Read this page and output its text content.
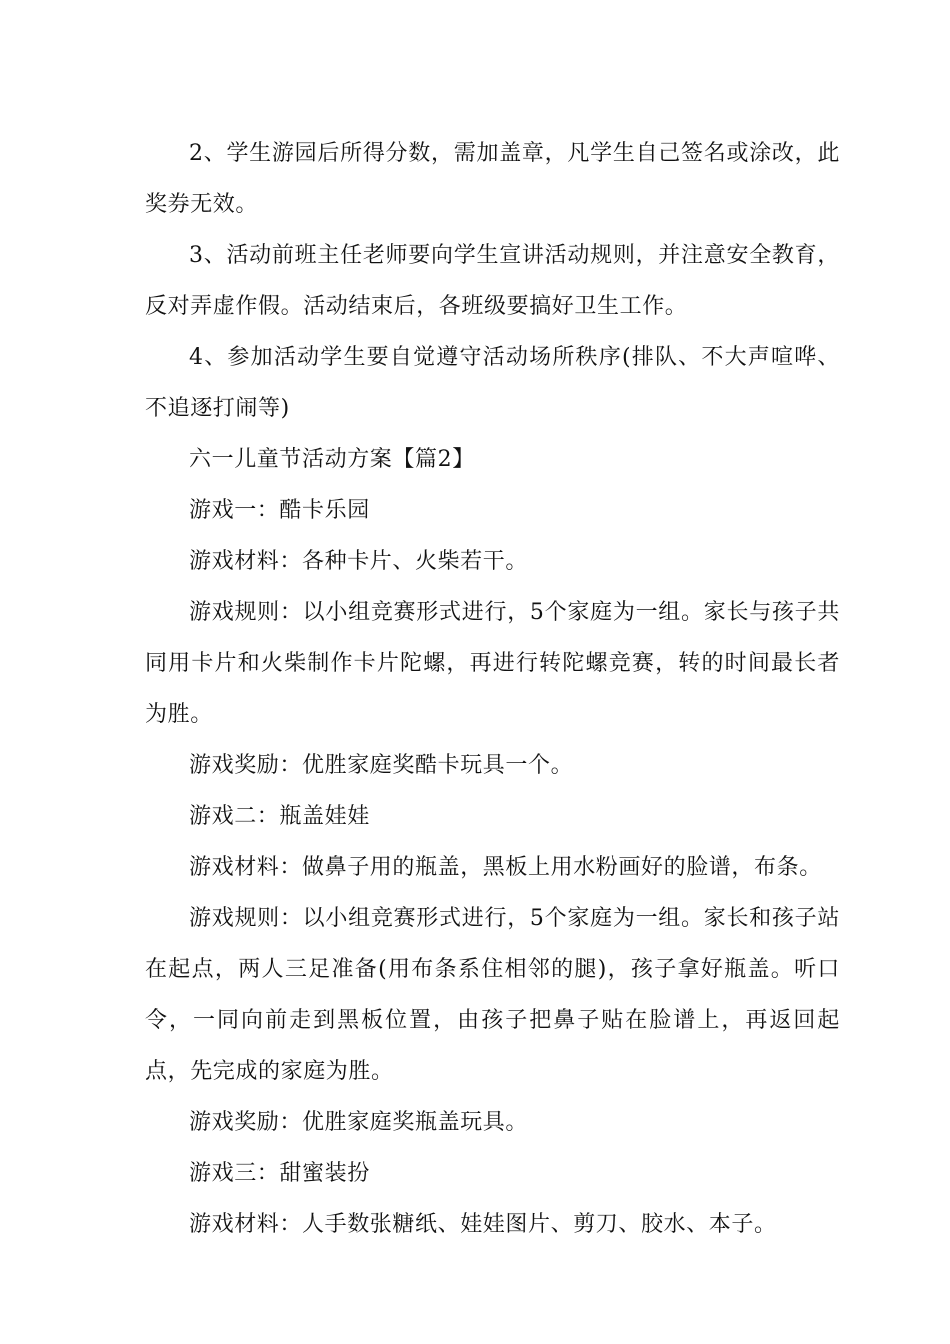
2、学生游园后所得分数，需加盖章，凡学生自己签名或涂改，此奖券无效。

3、活动前班主任老师要向学生宣讲活动规则，并注意安全教育，反对弄虚作假。活动结束后，各班级要搞好卫生工作。

4、参加活动学生要自觉遵守活动场所秩序(排队、不大声喧哗、不追逐打闹等)

六一儿童节活动方案【篇2】

游戏一：酷卡乐园

游戏材料：各种卡片、火柴若干。

游戏规则：以小组竞赛形式进行，5个家庭为一组。家长与孩子共同用卡片和火柴制作卡片陀螺，再进行转陀螺竞赛，转的时间最长者为胜。

游戏奖励：优胜家庭奖酷卡玩具一个。

游戏二：瓶盖娃娃

游戏材料：做鼻子用的瓶盖，黑板上用水粉画好的脸谱，布条。

游戏规则：以小组竞赛形式进行，5个家庭为一组。家长和孩子站在起点，两人三足准备(用布条系住相邻的腿)，孩子拿好瓶盖。听口令，一同向前走到黑板位置，由孩子把鼻子贴在脸谱上，再返回起点，先完成的家庭为胜。

游戏奖励：优胜家庭奖瓶盖玩具。

游戏三：甜蜜装扮

游戏材料：人手数张糖纸、娃娃图片、剪刀、胶水、本子。
